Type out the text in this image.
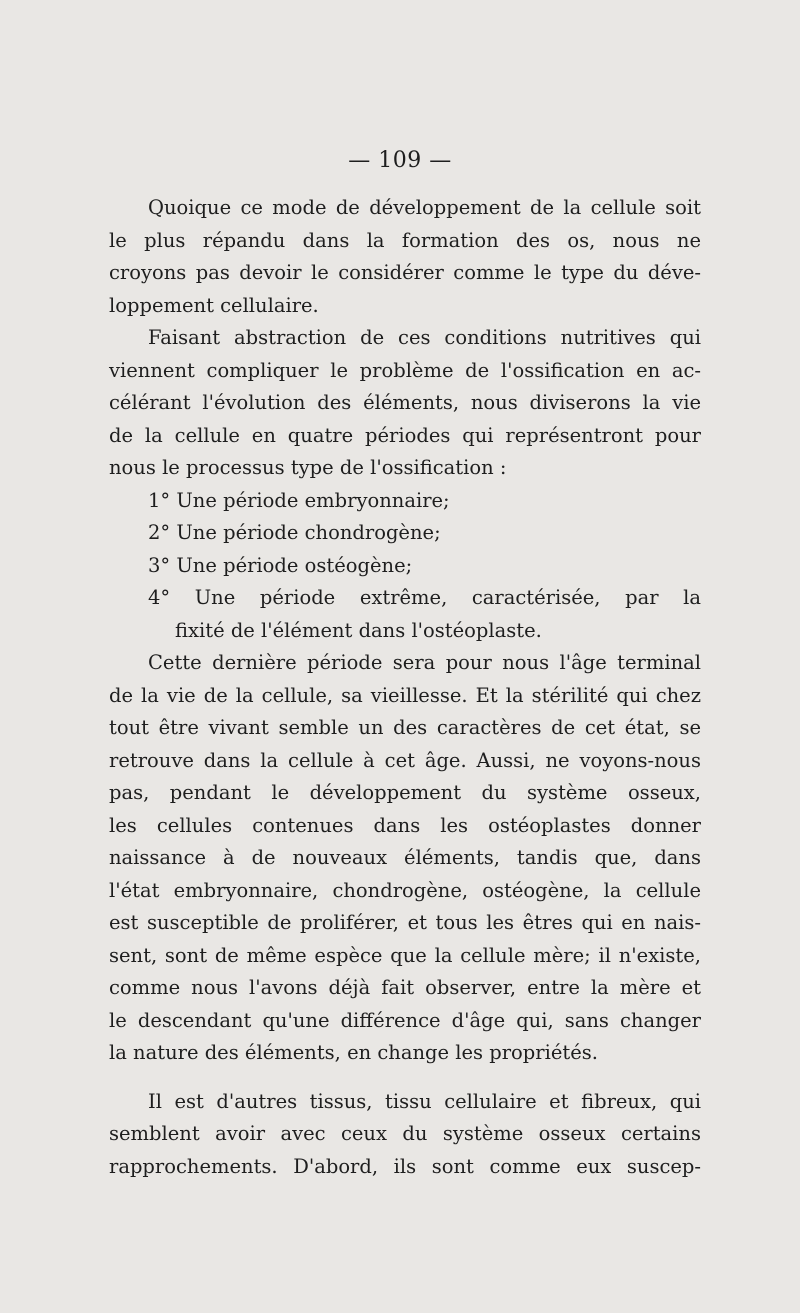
— 109 —
Quoique ce mode de développement de la cellule soit
le plus répandu dans la formation des os, nous ne
croyons pas devoir le considérer comme le type du déve-
loppement cellulaire.
Faisant abstraction de ces conditions nutritives qui
viennent compliquer le problème de l'ossification en ac-
célérant l'évolution des éléments, nous diviserons la vie
de la cellule en quatre périodes qui représentront pour
nous le processus type de l'ossification :
1° Une période embryonnaire;
2° Une période chondrogène;
3° Une période ostéogène;
4° Une période extrême, caractérisée, par la
fixité de l'élément dans l'ostéoplaste.
Cette dernière période sera pour nous l'âge terminal
de la vie de la cellule, sa vieillesse. Et la stérilité qui chez
tout être vivant semble un des caractères de cet état, se
retrouve dans la cellule à cet âge. Aussi, ne voyons-nous
pas, pendant le développement du système osseux,
les cellules contenues dans les ostéoplastes donner
naissance à de nouveaux éléments, tandis que, dans
l'état embryonnaire, chondrogène, ostéogène, la cellule
est susceptible de proliférer, et tous les êtres qui en nais-
sent, sont de même espèce que la cellule mère; il n'existe,
comme nous l'avons déjà fait observer, entre la mère et
le descendant qu'une différence d'âge qui, sans changer
la nature des éléments, en change les propriétés.
Il est d'autres tissus, tissu cellulaire et fibreux, qui
semblent avoir avec ceux du système osseux certains
rapprochements. D'abord, ils sont comme eux suscep-
